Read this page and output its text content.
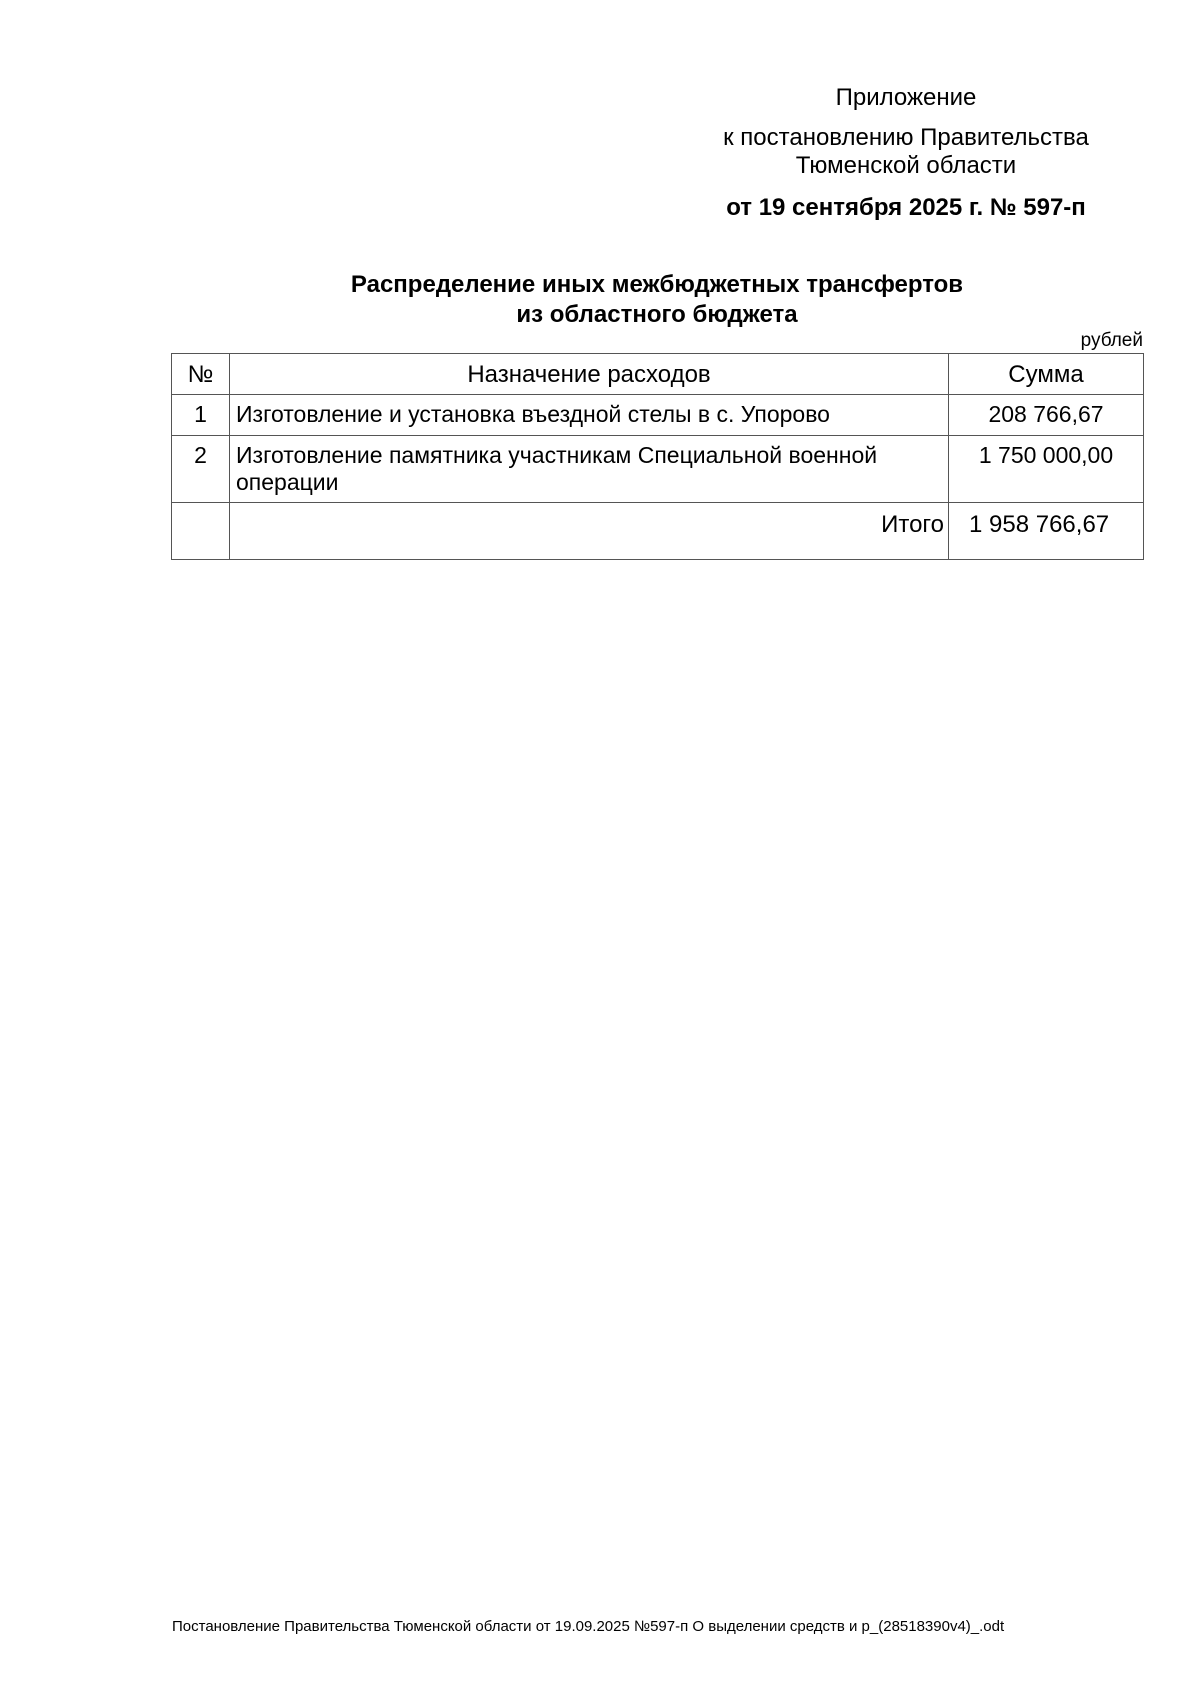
Приложение
к постановлению Правительства
Тюменской области
от 19 сентября 2025 г. № 597-п
Распределение иных межбюджетных трансфертов
из областного бюджета
рублей
№	Назначение расходов	Сумма
1	Изготовление и установка въездной стелы в с. Упорово	208 766,67
2	Изготовление памятника участникам Специальной военной операции	1 750 000,00
	Итого	1 958 766,67
Постановление Правительства Тюменской области от 19.09.2025 №597-п О выделении средств и р_(28518390v4)_.odt
